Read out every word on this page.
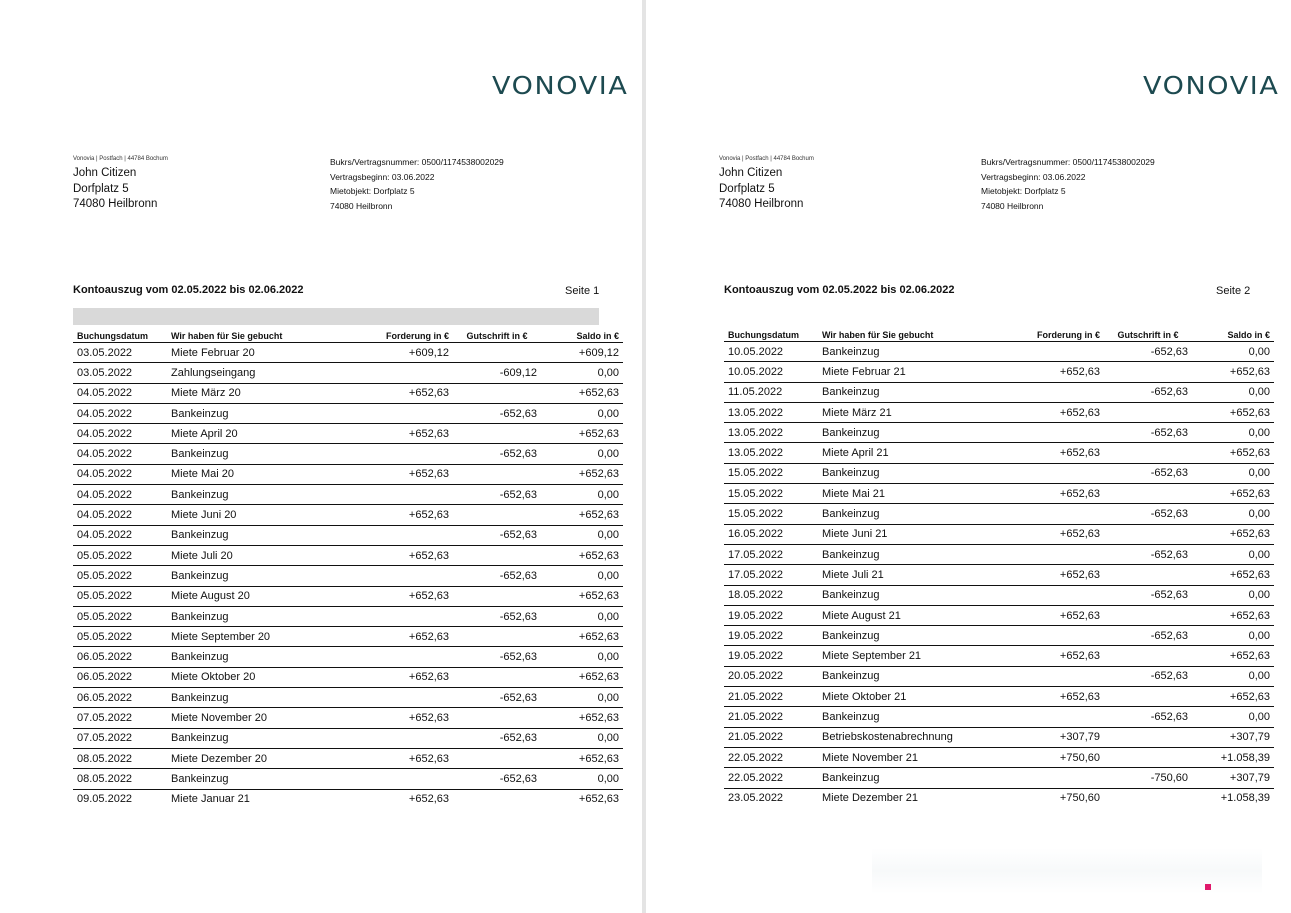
VONOVIA
Vonovia | Postfach | 44784 Bochum
John Citizen
Dorfplatz 5
74080 Heilbronn
Bukrs/Vertragsnummer: 0500/1174538002029
Vertragsbeginn: 03.06.2022
Mietobjekt: Dorfplatz 5
74080 Heilbronn
Kontoauszug vom 02.05.2022 bis 02.06.2022	Seite 1
Buchungsdatum	Wir haben für Sie gebucht	Forderung in €	Gutschrift in €	Saldo in €
03.05.2022	Miete Februar 20	+609,12		+609,12
03.05.2022	Zahlungseingang		-609,12	0,00
04.05.2022	Miete März 20	+652,63		+652,63
04.05.2022	Bankeinzug		-652,63	0,00
04.05.2022	Miete April 20	+652,63		+652,63
04.05.2022	Bankeinzug		-652,63	0,00
04.05.2022	Miete Mai 20	+652,63		+652,63
04.05.2022	Bankeinzug		-652,63	0,00
04.05.2022	Miete Juni 20	+652,63		+652,63
04.05.2022	Bankeinzug		-652,63	0,00
05.05.2022	Miete Juli 20	+652,63		+652,63
05.05.2022	Bankeinzug		-652,63	0,00
05.05.2022	Miete August 20	+652,63		+652,63
05.05.2022	Bankeinzug		-652,63	0,00
05.05.2022	Miete September 20	+652,63		+652,63
06.05.2022	Bankeinzug		-652,63	0,00
06.05.2022	Miete Oktober 20	+652,63		+652,63
06.05.2022	Bankeinzug		-652,63	0,00
07.05.2022	Miete November 20	+652,63		+652,63
07.05.2022	Bankeinzug		-652,63	0,00
08.05.2022	Miete Dezember 20	+652,63		+652,63
08.05.2022	Bankeinzug		-652,63	0,00
09.05.2022	Miete Januar 21	+652,63		+652,63
VONOVIA
Vonovia | Postfach | 44784 Bochum
John Citizen
Dorfplatz 5
74080 Heilbronn
Bukrs/Vertragsnummer: 0500/1174538002029
Vertragsbeginn: 03.06.2022
Mietobjekt: Dorfplatz 5
74080 Heilbronn
Kontoauszug vom 02.05.2022 bis 02.06.2022	Seite 2
Buchungsdatum	Wir haben für Sie gebucht	Forderung in €	Gutschrift in €	Saldo in €
10.05.2022	Bankeinzug		-652,63	0,00
10.05.2022	Miete Februar 21	+652,63		+652,63
11.05.2022	Bankeinzug		-652,63	0,00
13.05.2022	Miete März 21	+652,63		+652,63
13.05.2022	Bankeinzug		-652,63	0,00
13.05.2022	Miete April 21	+652,63		+652,63
15.05.2022	Bankeinzug		-652,63	0,00
15.05.2022	Miete Mai 21	+652,63		+652,63
15.05.2022	Bankeinzug		-652,63	0,00
16.05.2022	Miete Juni 21	+652,63		+652,63
17.05.2022	Bankeinzug		-652,63	0,00
17.05.2022	Miete Juli 21	+652,63		+652,63
18.05.2022	Bankeinzug		-652,63	0,00
19.05.2022	Miete August 21	+652,63		+652,63
19.05.2022	Bankeinzug		-652,63	0,00
19.05.2022	Miete September 21	+652,63		+652,63
20.05.2022	Bankeinzug		-652,63	0,00
21.05.2022	Miete Oktober 21	+652,63		+652,63
21.05.2022	Bankeinzug		-652,63	0,00
21.05.2022	Betriebskostenabrechnung	+307,79		+307,79
22.05.2022	Miete November 21	+750,60		+1.058,39
22.05.2022	Bankeinzug		-750,60	+307,79
23.05.2022	Miete Dezember 21	+750,60		+1.058,39
